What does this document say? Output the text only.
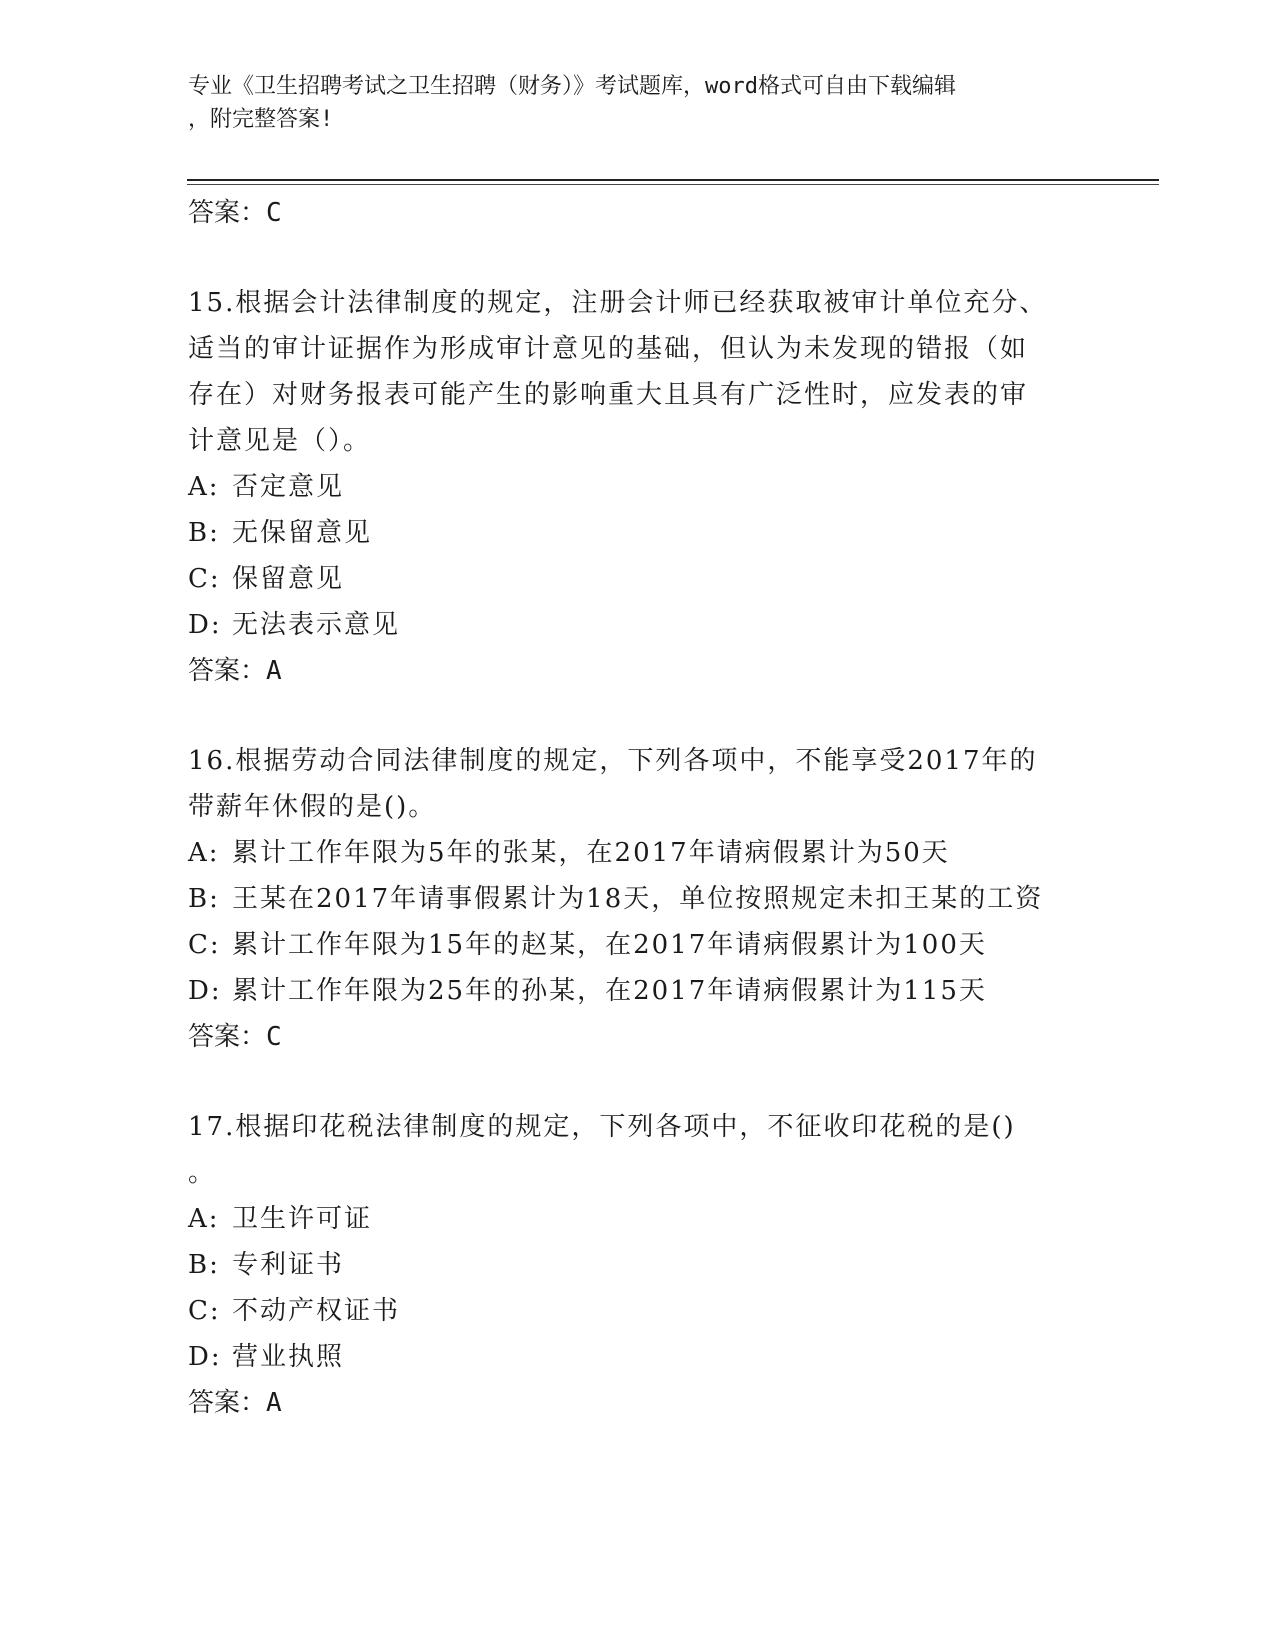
专业《卫生招聘考试之卫生招聘（财务）》考试题库，word格式可自由下载编辑
，附完整答案!

答案：C

15.根据会计法律制度的规定，注册会计师已经获取被审计单位充分、

适当的审计证据作为形成审计意见的基础，但认为未发现的错报（如

存在）对财务报表可能产生的影响重大且具有广泛性时，应发表的审

计意见是（）。

A: 否定意见

B: 无保留意见

C: 保留意见

D: 无法表示意见

答案：A

16.根据劳动合同法律制度的规定，下列各项中，不能享受2017年的

带薪年休假的是()。

A: 累计工作年限为5年的张某，在2017年请病假累计为50天

B: 王某在2017年请事假累计为18天，单位按照规定未扣王某的工资

C: 累计工作年限为15年的赵某，在2017年请病假累计为100天

D: 累计工作年限为25年的孙某，在2017年请病假累计为115天

答案：C

17.根据印花税法律制度的规定，下列各项中，不征收印花税的是()

。

A: 卫生许可证

B: 专利证书

C: 不动产权证书

D: 营业执照

答案：A
